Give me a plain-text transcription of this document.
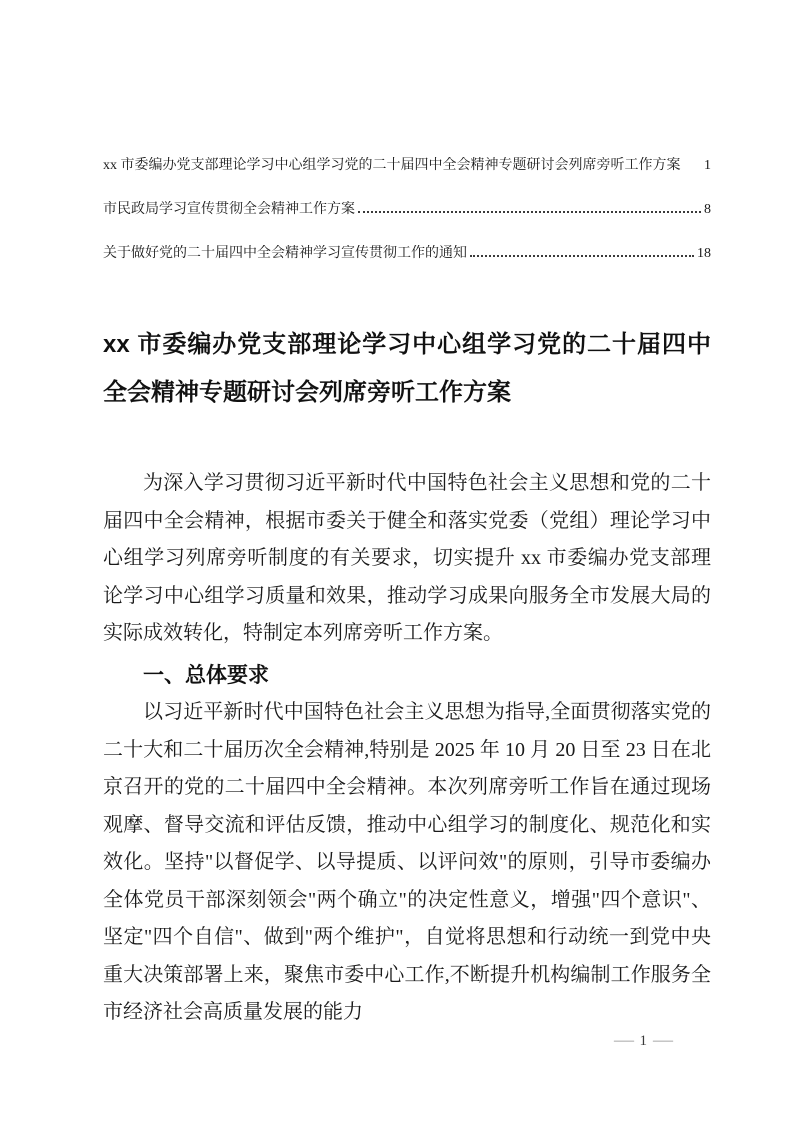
xx 市委编办党支部理论学习中心组学习党的二十届四中全会精神专题研讨会列席旁听工作方案 1
市民政局学习宣传贯彻全会精神工作方案	8
关于做好党的二十届四中全会精神学习宣传贯彻工作的通知	18
xx 市委编办党支部理论学习中心组学习党的二十届四中全会精神专题研讨会列席旁听工作方案

为深入学习贯彻习近平新时代中国特色社会主义思想和党的二十届四中全会精神，根据市委关于健全和落实党委（党组）理论学习中心组学习列席旁听制度的有关要求，切实提升 xx 市委编办党支部理论学习中心组学习质量和效果，推动学习成果向服务全市发展大局的实际成效转化，特制定本列席旁听工作方案。

一、总体要求

以习近平新时代中国特色社会主义思想为指导,全面贯彻落实党的二十大和二十届历次全会精神,特别是 2025 年 10 月 20 日至 23 日在北京召开的党的二十届四中全会精神。本次列席旁听工作旨在通过现场观摩、督导交流和评估反馈，推动中心组学习的制度化、规范化和实效化。坚持"以督促学、以导提质、以评问效"的原则，引导市委编办全体党员干部深刻领会"两个确立"的决定性意义，增强"四个意识"、坚定"四个自信"、做到"两个维护"，自觉将思想和行动统一到党中央重大决策部署上来，聚焦市委中心工作,不断提升机构编制工作服务全市经济社会高质量发展的能力

— 1 —
